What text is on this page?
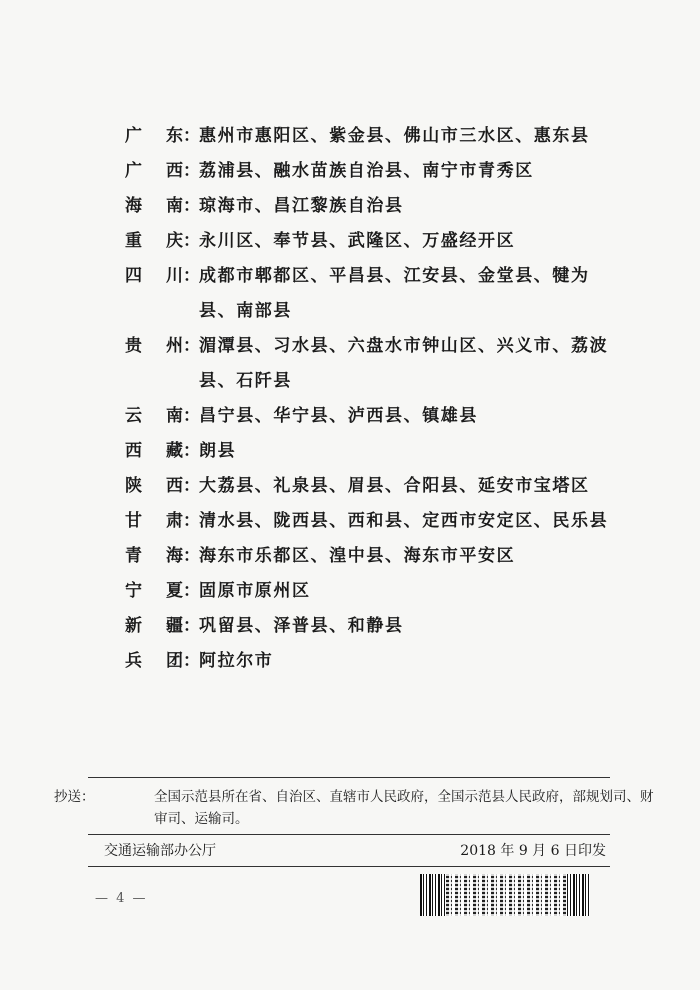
广 东 ： 惠州市惠阳区、紫金县、佛山市三水区、惠东县
广 西 ： 荔浦县、融水苗族自治县、南宁市青秀区
海 南 ： 琼海市、昌江黎族自治县
重 庆 ： 永川区、奉节县、武隆区、万盛经开区
四 川 ： 成都市郫都区、平昌县、江安县、金堂县、犍为县、南部县
贵 州 ： 湄潭县、习水县、六盘水市钟山区、兴义市、荔波县、石阡县
云 南 ： 昌宁县、华宁县、泸西县、镇雄县
西 藏 ： 朗县
陕 西 ： 大荔县、礼泉县、眉县、合阳县、延安市宝塔区
甘 肃 ： 清水县、陇西县、西和县、定西市安定区、民乐县
青 海 ： 海东市乐都区、湟中县、海东市平安区
宁 夏 ： 固原市原州区
新 疆 ： 巩留县、泽普县、和静县
兵 团 ： 阿拉尔市
抄送：	全国示范县所在省、自治区、直辖市人民政府，全国示范县人民政府，部规划司、财审司、运输司。
交通运输部办公厅	2018 年 9 月 6 日印发
— 4 —
